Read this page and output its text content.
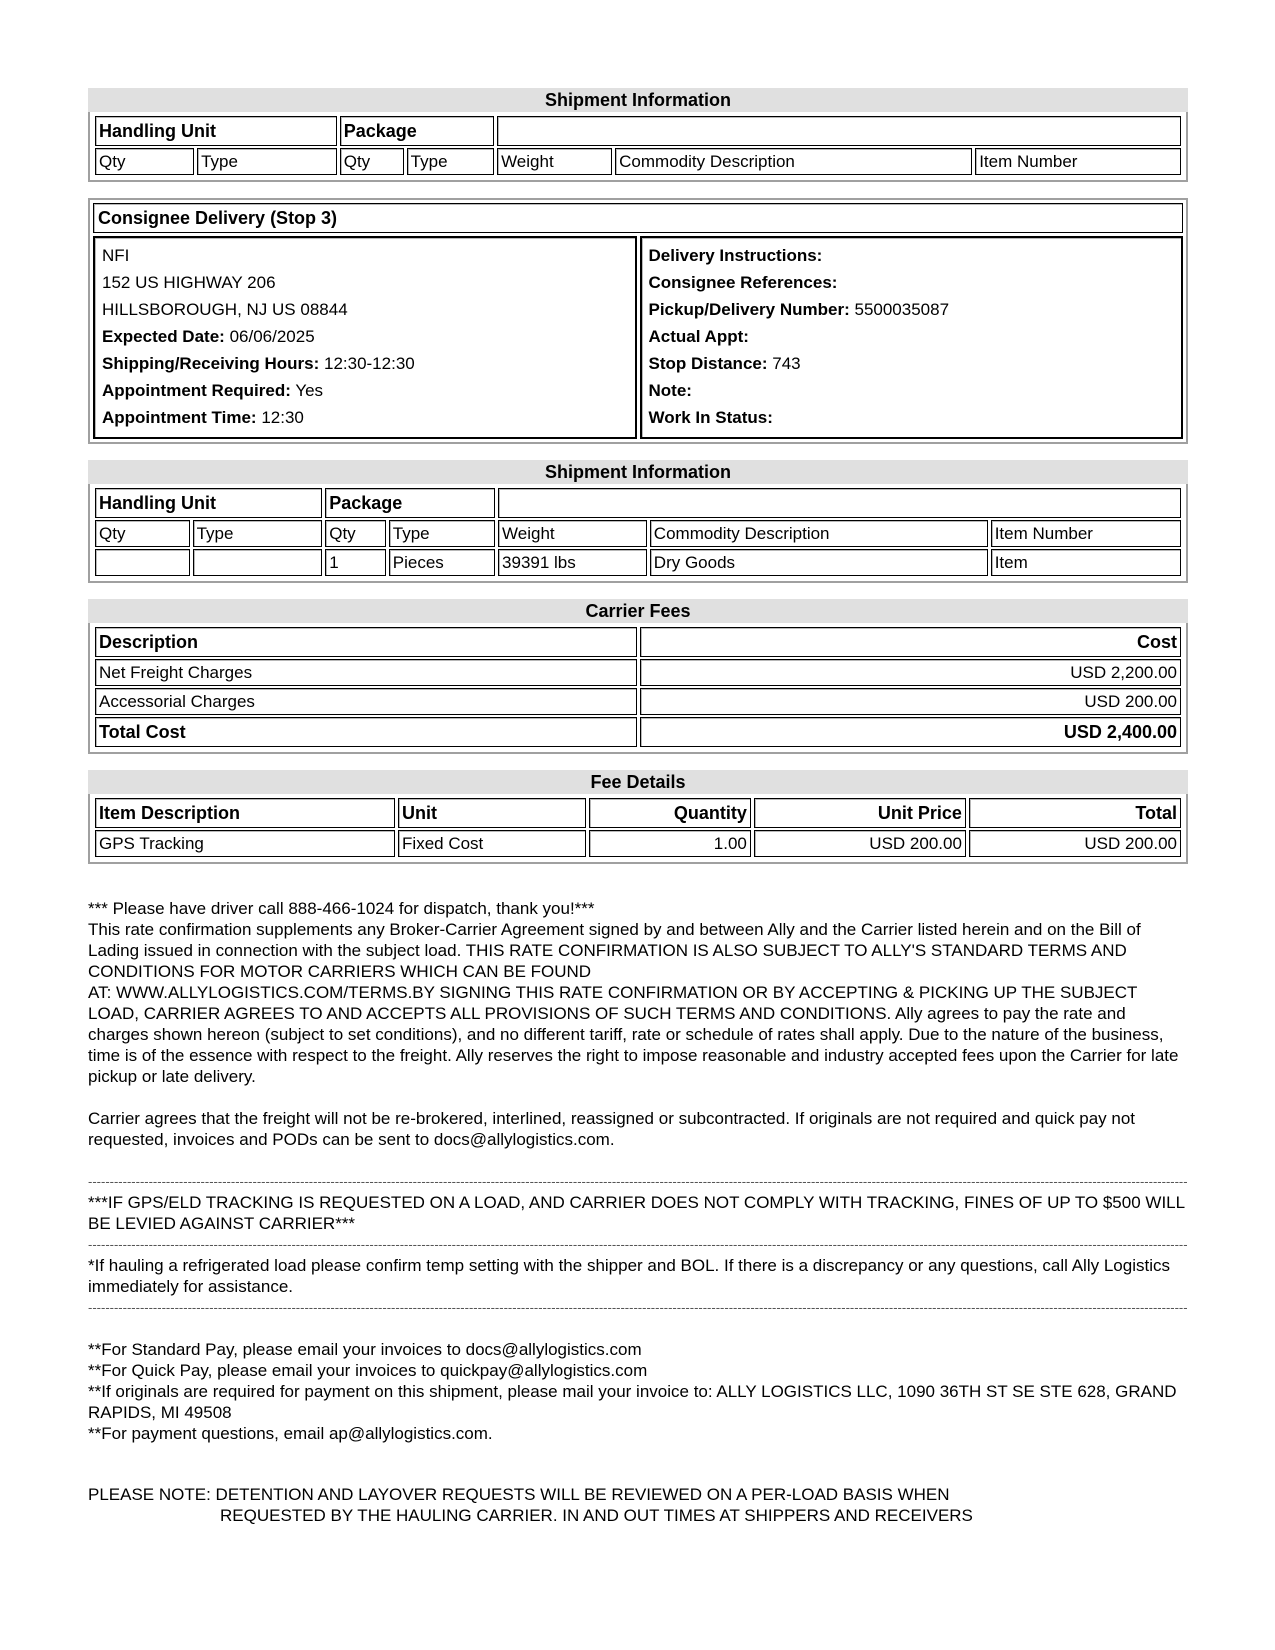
Shipment Information
Handling Unit		Package				
Qty	Type	Qty	Type	Weight	Commodity Description	Item Number
Consignee Delivery (Stop 3)
NFI
152 US HIGHWAY 206
HILLSBOROUGH, NJ US 08844
Expected Date: 06/06/2025
Shipping/Receiving Hours: 12:30-12:30
Appointment Required: Yes
Appointment Time: 12:30
Delivery Instructions:
Consignee References:
Pickup/Delivery Number: 5500035087
Actual Appt:
Stop Distance: 743
Note:
Work In Status:
Shipment Information
Handling Unit		Package				
Qty	Type	Qty	Type	Weight	Commodity Description	Item Number
		1	Pieces	39391 lbs	Dry Goods	Item
Carrier Fees
Description	Cost
Net Freight Charges	USD 2,200.00
Accessorial Charges	USD 200.00
Total Cost	USD 2,400.00
Fee Details
Item Description	Unit	Quantity	Unit Price	Total
GPS Tracking	Fixed Cost	1.00	USD 200.00	USD 200.00

*** Please have driver call 888-466-1024 for dispatch, thank you!***

This rate confirmation supplements any Broker-Carrier Agreement signed by and between Ally and the Carrier listed herein and on the Bill of Lading issued in connection with the subject load. THIS RATE CONFIRMATION IS ALSO SUBJECT TO ALLY'S STANDARD TERMS AND CONDITIONS FOR MOTOR CARRIERS WHICH CAN BE FOUND

AT: WWW.ALLYLOGISTICS.COM/TERMS.BY SIGNING THIS RATE CONFIRMATION OR BY ACCEPTING & PICKING UP THE SUBJECT LOAD, CARRIER AGREES TO AND ACCEPTS ALL PROVISIONS OF SUCH TERMS AND CONDITIONS. Ally agrees to pay the rate and charges shown hereon (subject to set conditions), and no different tariff, rate or schedule of rates shall apply. Due to the nature of the business, time is of the essence with respect to the freight. Ally reserves the right to impose reasonable and industry accepted fees upon the Carrier for late pickup or late delivery.

Carrier agrees that the freight will not be re-brokered, interlined, reassigned or subcontracted. If originals are not required and quick pay not requested, invoices and PODs can be sent to docs@allylogistics.com.

--------------------------------------------------------------------------------------------------------------------------------------------------------------------------------------------------------------------------------------------------------------

***IF GPS/ELD TRACKING IS REQUESTED ON A LOAD, AND CARRIER DOES NOT COMPLY WITH TRACKING, FINES OF UP TO $500 WILL BE LEVIED AGAINST CARRIER***

--------------------------------------------------------------------------------------------------------------------------------------------------------------------------------------------------------------------------------------------------------------

*If hauling a refrigerated load please confirm temp setting with the shipper and BOL. If there is a discrepancy or any questions, call Ally Logistics immediately for assistance.

--------------------------------------------------------------------------------------------------------------------------------------------------------------------------------------------------------------------------------------------------------------

**For Standard Pay, please email your invoices to docs@allylogistics.com

**For Quick Pay, please email your invoices to quickpay@allylogistics.com

**If originals are required for payment on this shipment, please mail your invoice to: ALLY LOGISTICS LLC, 1090 36TH ST SE STE 628, GRAND RAPIDS, MI 49508

**For payment questions, email ap@allylogistics.com.

PLEASE NOTE: DETENTION AND LAYOVER REQUESTS WILL BE REVIEWED ON A PER-LOAD BASIS WHEN

REQUESTED BY THE HAULING CARRIER. IN AND OUT TIMES AT SHIPPERS AND RECEIVERS
